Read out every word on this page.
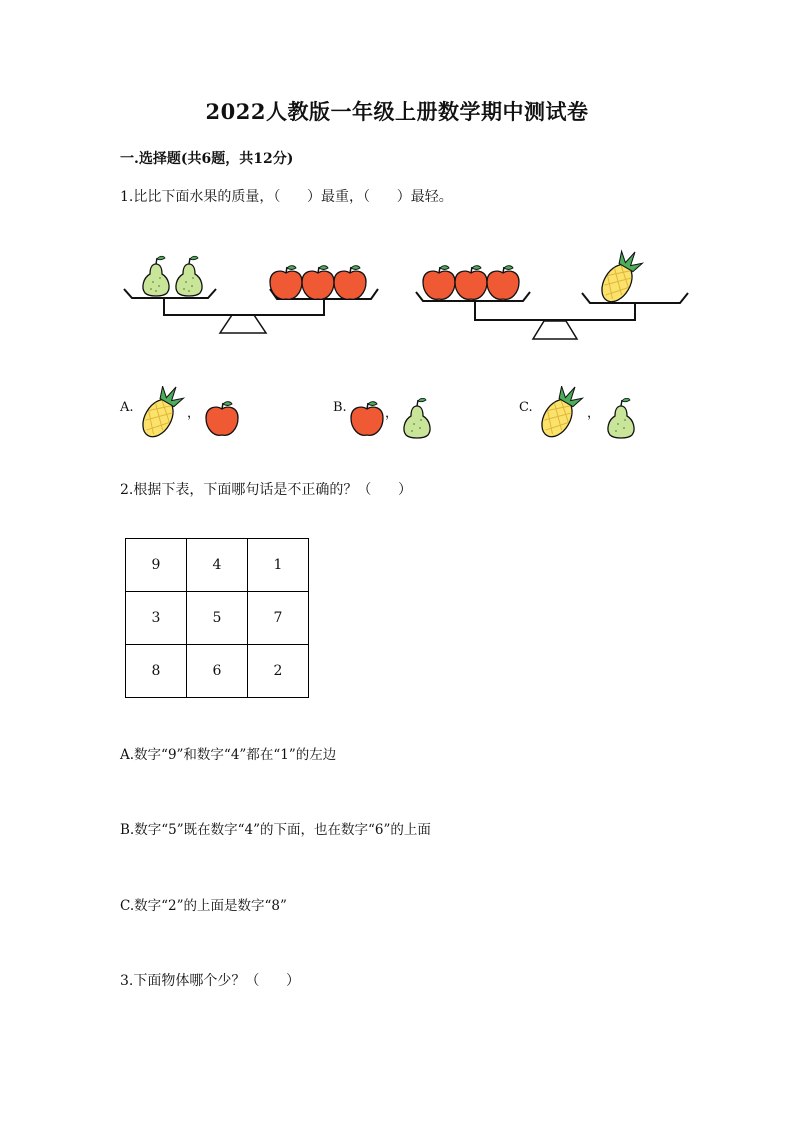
2022人教版一年级上册数学期中测试卷
一.选择题(共6题，共12分)
1.比比下面水果的质量，（      ）最重，（      ）最轻。
A.	，	B.	，	C.	，
2.根据下表，下面哪句话是不正确的？（      ）
9	4	1
3	5	7
8	6	2
A.数字“9”和数字“4”都在“1”的左边
B.数字“5”既在数字“4”的下面，也在数字“6”的上面
C.数字“2”的上面是数字“8”
3.下面物体哪个少？（      ）
